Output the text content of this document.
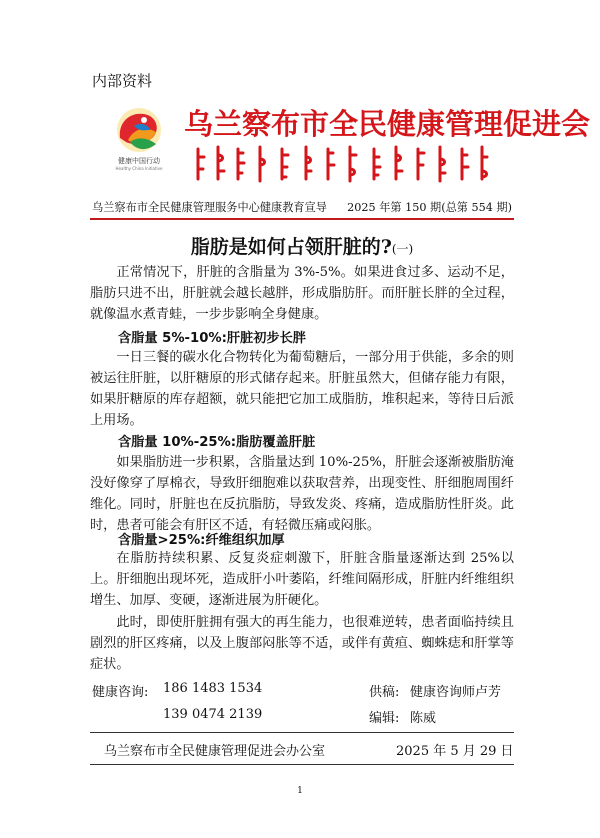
内部资料
健康中国行动
Healthy China Initiative
乌兰察布市全民健康管理促进会
乌兰察布市全民健康管理服务中心健康教育宣导 2025 年第 150 期(总第 554 期)
脂肪是如何占领肝脏的?(一)
正常情况下，肝脏的含脂量为 3%-5%。如果进食过多、运动不足，脂肪只进不出，肝脏就会越长越胖，形成脂肪肝。而肝脏长胖的全过程，就像温水煮青蛙，一步步影响全身健康。
含脂量 5%-10%:肝脏初步长胖
一日三餐的碳水化合物转化为葡萄糖后，一部分用于供能，多余的则被运往肝脏，以肝糖原的形式储存起来。肝脏虽然大，但储存能力有限，如果肝糖原的库存超额，就只能把它加工成脂肪，堆积起来，等待日后派上用场。
含脂量 10%-25%:脂肪覆盖肝脏
如果脂肪进一步积累，含脂量达到 10%-25%，肝脏会逐渐被脂肪淹没好像穿了厚棉衣，导致肝细胞难以获取营养，出现变性、肝细胞周围纤维化。同时，肝脏也在反抗脂肪，导致发炎、疼痛，造成脂肪性肝炎。此时，患者可能会有肝区不适，有轻微压痛或闷胀。
含脂量>25%:纤维组织加厚
在脂肪持续积累、反复炎症刺激下，肝脏含脂量逐渐达到 25%以上。肝细胞出现坏死，造成肝小叶萎陷，纤维间隔形成，肝脏内纤维组织增生、加厚、变硬，逐渐进展为肝硬化。
此时，即使肝脏拥有强大的再生能力，也很难逆转，患者面临持续且剧烈的肝区疼痛，以及上腹部闷胀等不适，或伴有黄疸、蜘蛛痣和肝掌等症状。
健康咨询: 186 1483 1534
139 0474 2139
供稿: 健康咨询师卢芳
编辑: 陈威
乌兰察布市全民健康管理促进会办公室	2025 年 5 月 29 日
1
